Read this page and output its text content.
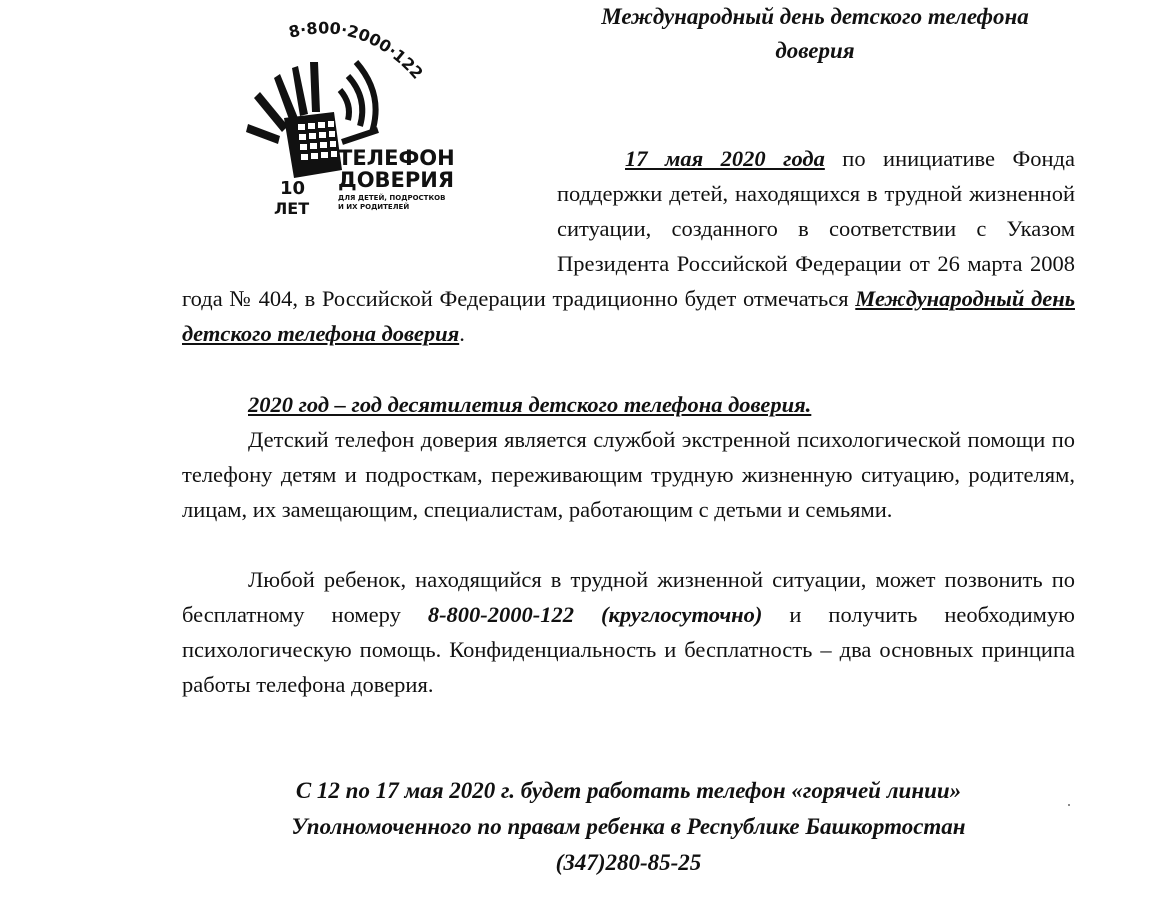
Международный день детского телефона
доверия
8·800·2000·122
10
ЛЕТ
ТЕЛЕФОН
ДОВЕРИЯ
ДЛЯ ДЕТЕЙ, ПОДРОСТКОВ
И ИХ РОДИТЕЛЕЙ
17 мая 2020 года по инициативе Фонда поддержки детей, находящихся в трудной жизненной ситуации, созданного в соответствии с Указом Президента Российской Федерации от 26 марта 2008 года № 404, в Российской Федерации традиционно будет отмечаться Международный день детского телефона доверия.
2020 год – год десятилетия детского телефона доверия.
Детский телефон доверия является службой экстренной психологической помощи по телефону детям и подросткам, переживающим трудную жизненную ситуацию, родителям, лицам, их замещающим, специалистам, работающим с детьми и семьями.
Любой ребенок, находящийся в трудной жизненной ситуации, может позвонить по бесплатному номеру 8-800-2000-122 (круглосуточно) и получить необходимую психологическую помощь. Конфиденциальность и бесплатность – два основных принципа работы телефона доверия.
С 12 по 17 мая 2020 г. будет работать телефон «горячей линии»
Уполномоченного по правам ребенка в Республике Башкортостан
(347)280-85-25
